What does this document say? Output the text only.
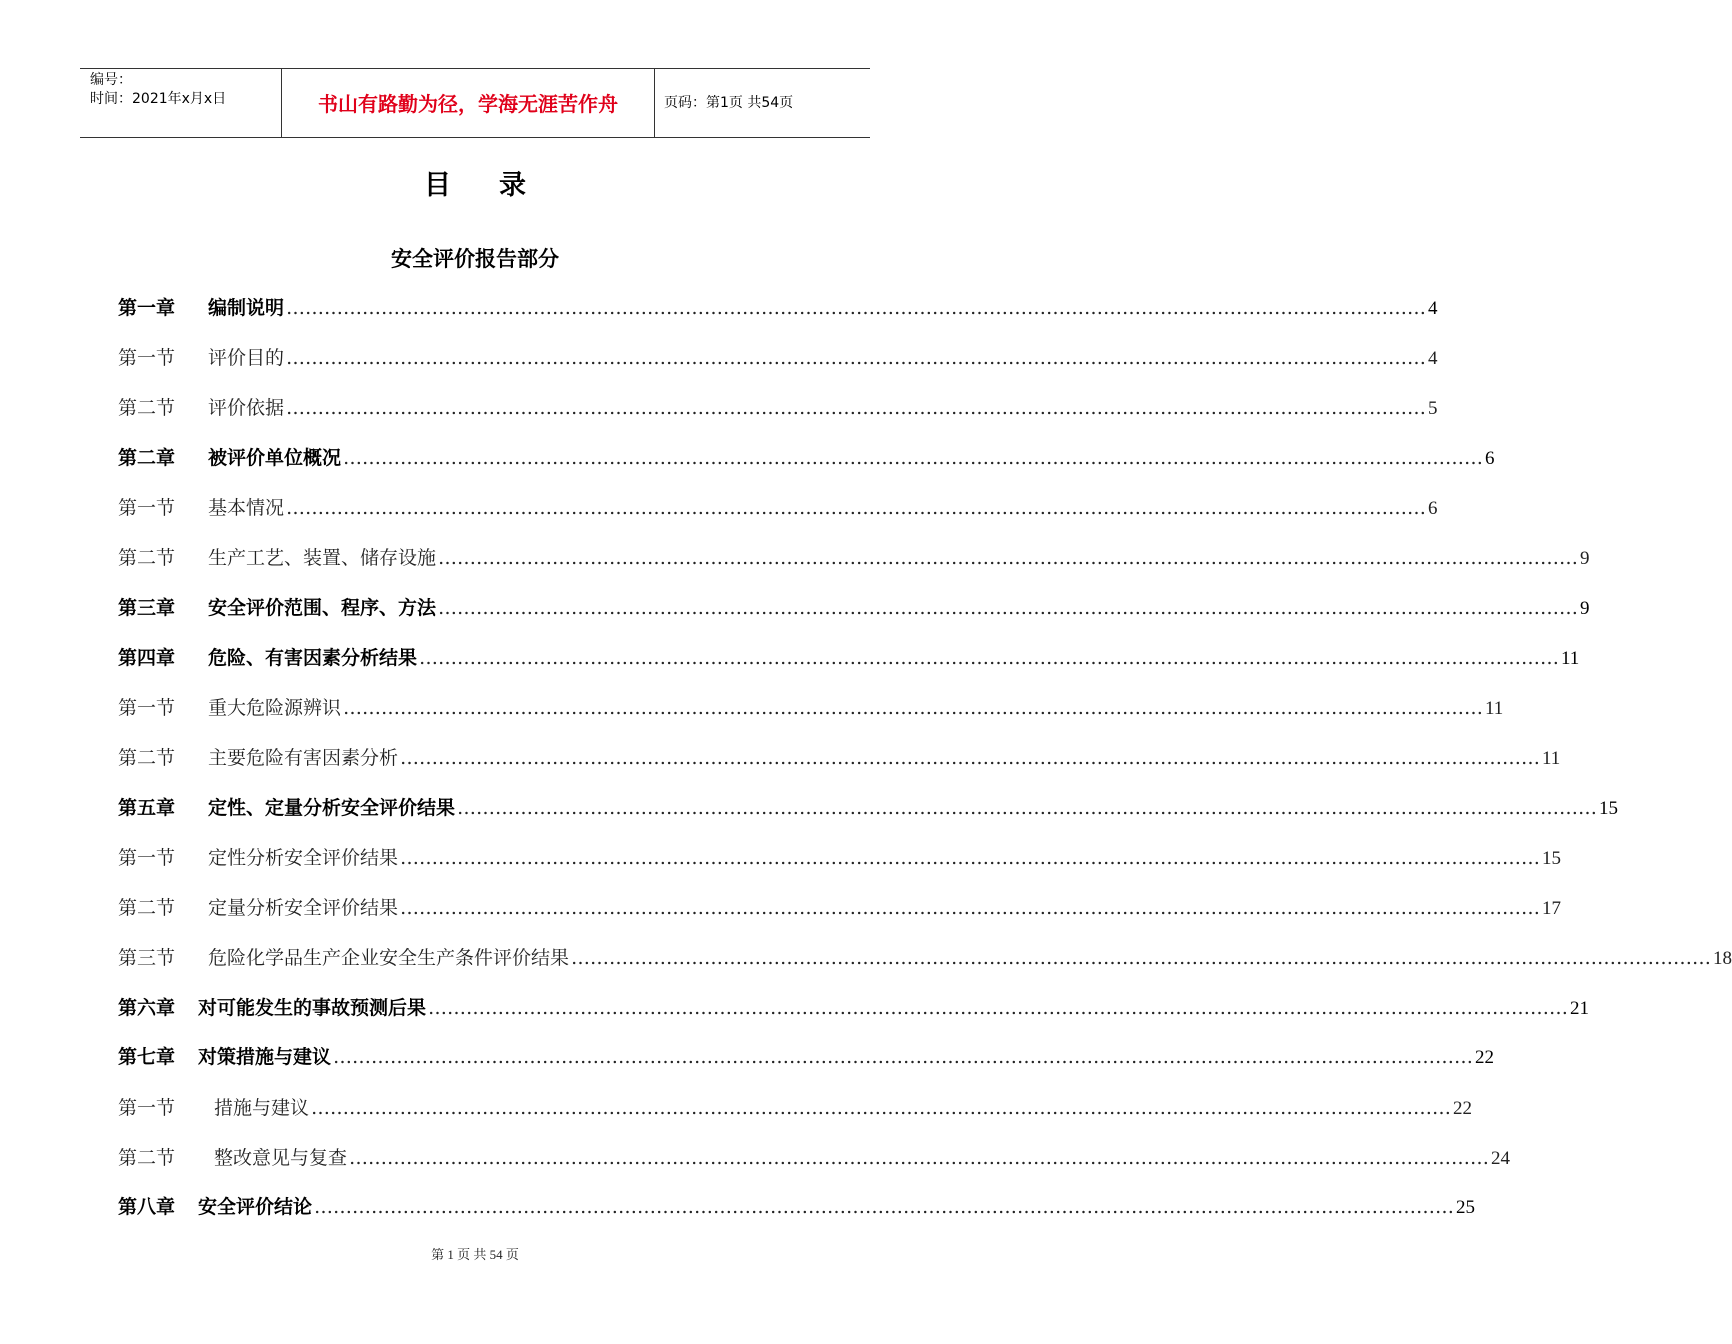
编号：
时间：2021年x月x日	书山有路勤为径，学海无涯苦作舟	页码：第1页 共54页
目录
安全评价报告部分
第一章	编制说明 ……………………………………………………………………………………………………………………………………………………………… 4
第一节	评价目的 ……………………………………………………………………………………………………………………………………………………………… 4
第二节	评价依据 ……………………………………………………………………………………………………………………………………………………………… 5
第二章	被评价单位概况 ……………………………………………………………………………………………………………………………………………………………… 6
第一节	基本情况 ……………………………………………………………………………………………………………………………………………………………… 6
第二节	生产工艺、装置、储存设施 ……………………………………………………………………………………………………………………………………………………………… 9
第三章	安全评价范围、程序、方法 ……………………………………………………………………………………………………………………………………………………………… 9
第四章	危险、有害因素分析结果 ……………………………………………………………………………………………………………………………………………………………… 11
第一节	重大危险源辨识 ……………………………………………………………………………………………………………………………………………………………… 11
第二节	主要危险有害因素分析 ……………………………………………………………………………………………………………………………………………………………… 11
第五章	定性、定量分析安全评价结果 ……………………………………………………………………………………………………………………………………………………………… 15
第一节	定性分析安全评价结果 ……………………………………………………………………………………………………………………………………………………………… 15
第二节	定量分析安全评价结果 ……………………………………………………………………………………………………………………………………………………………… 17
第三节	危险化学品生产企业安全生产条件评价结果 ……………………………………………………………………………………………………………………………………………………………… 18
第六章	对可能发生的事故预测后果 ……………………………………………………………………………………………………………………………………………………………… 21
第七章	对策措施与建议 ……………………………………………………………………………………………………………………………………………………………… 22
第一节	措施与建议 ……………………………………………………………………………………………………………………………………………………………… 22
第二节	整改意见与复查 ……………………………………………………………………………………………………………………………………………………………… 24
第八章	安全评价结论 ……………………………………………………………………………………………………………………………………………………………… 25
第 1 页 共 54 页
